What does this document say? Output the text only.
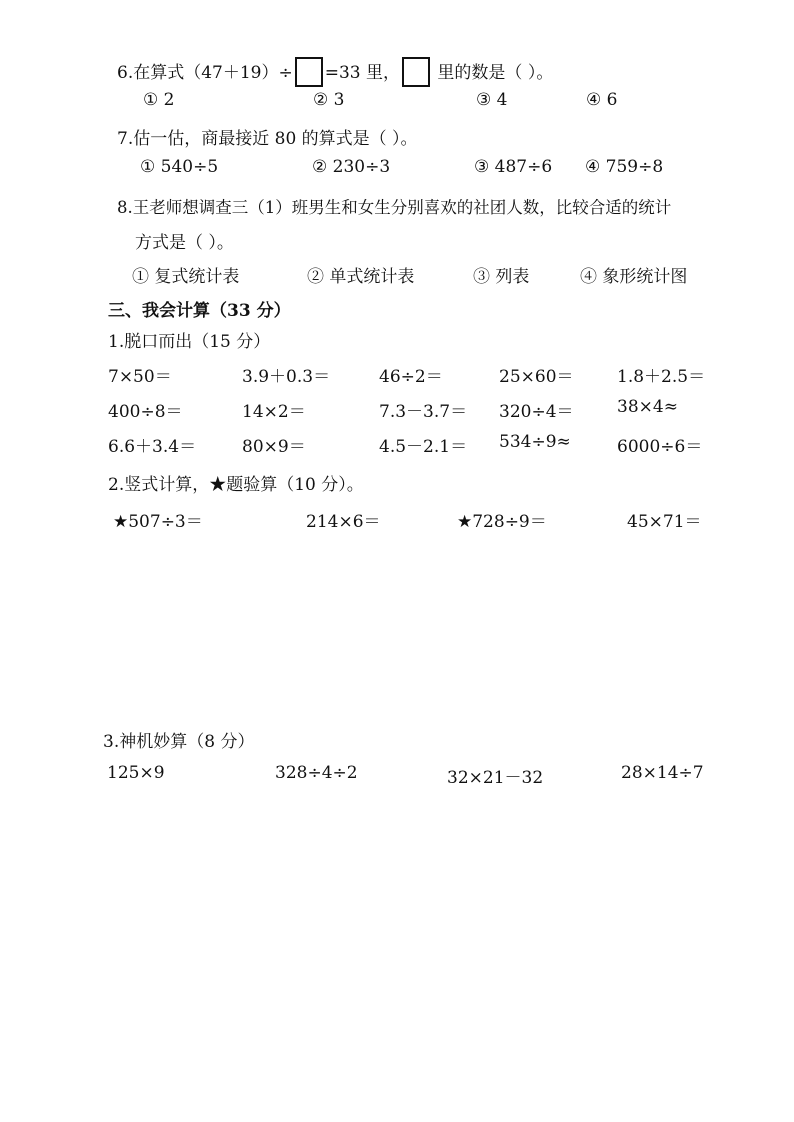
6.在算式（47＋19）÷ =33 里， 里的数是（ ）。
① 2	② 3	③ 4	④ 6
7.估一估，商最接近 80 的算式是（ ）。
① 540÷5	② 230÷3	③ 487÷6 ④ 759÷8
8.王老师想调查三（1）班男生和女生分别喜欢的社团人数，比较合适的统计
方式是（ ）。
① 复式统计表	② 单式统计表	③ 列表	④ 象形统计图
三、我会计算（33 分）
1.脱口而出（15 分）
7×50＝	3.9＋0.3＝	46÷2＝	25×60＝	1.8＋2.5＝
400÷8＝	14×2＝	7.3－3.7＝ 320÷4＝	38×4≈
6.6＋3.4＝	80×9＝	4.5－2.1＝ 534÷9≈	6000÷6＝
2.竖式计算，★题验算（10 分）。
★507÷3＝	214×6＝	★728÷9＝	45×71＝
3.神机妙算（8 分）
125×9	328÷4÷2	32×21－32	28×14÷7
